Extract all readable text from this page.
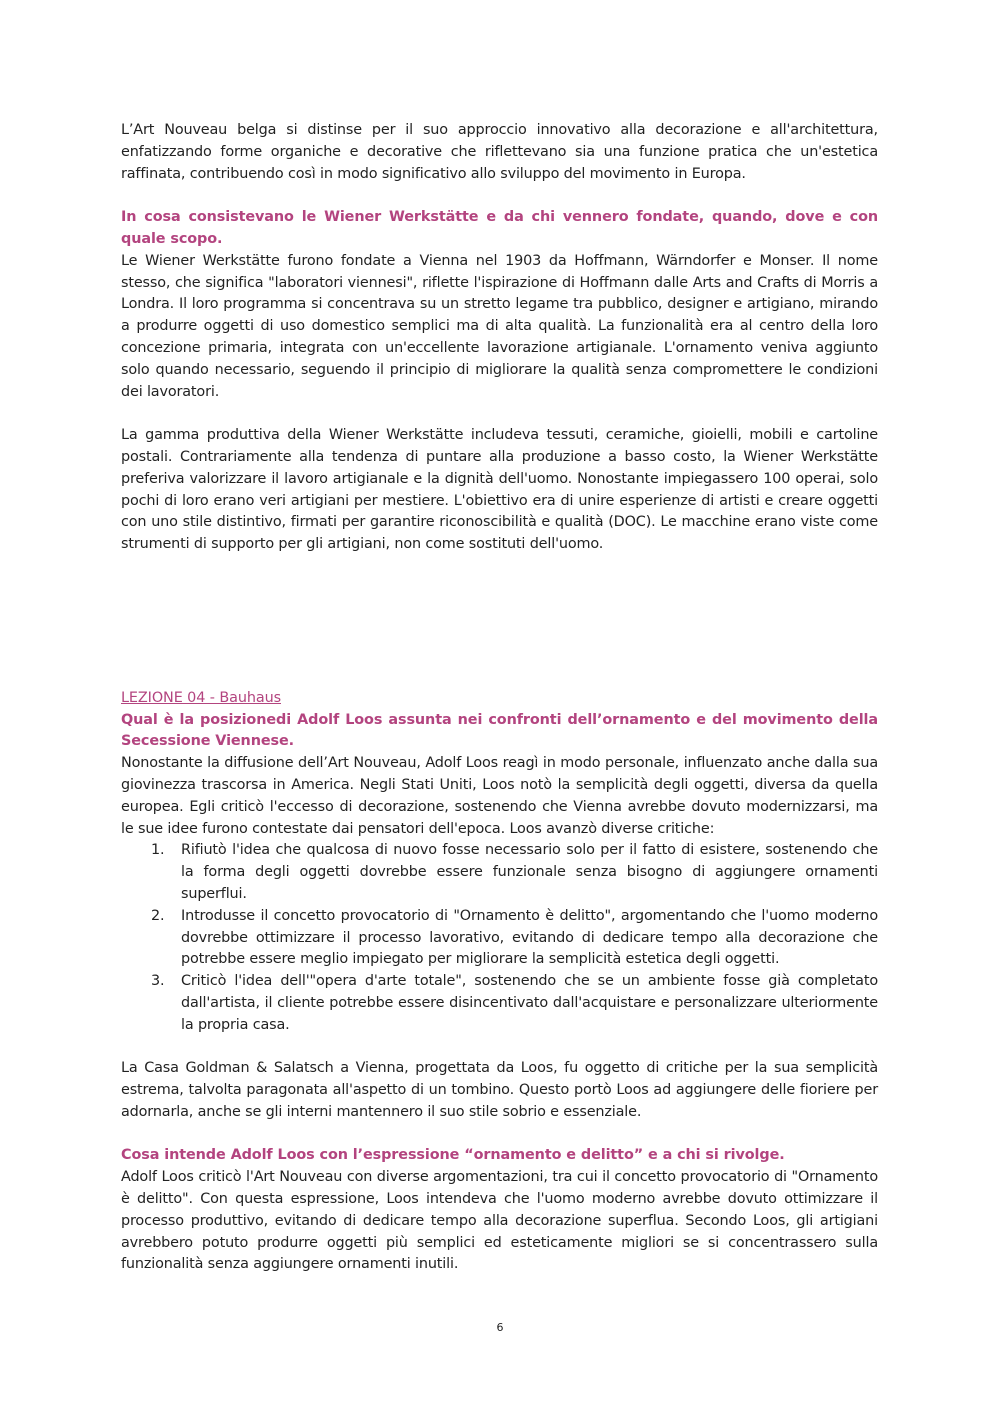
L’Art Nouveau belga si distinse per il suo approccio innovativo alla decorazione e all'architettura, enfatizzando forme organiche e decorative che riflettevano sia una funzione pratica che un'estetica raffinata, contribuendo così in modo significativo allo sviluppo del movimento in Europa.

In cosa consistevano le Wiener Werkstätte e da chi vennero fondate, quando, dove e con quale scopo.

Le Wiener Werkstätte furono fondate a Vienna nel 1903 da Hoffmann, Wärndorfer e Monser. Il nome stesso, che significa "laboratori viennesi", riflette l'ispirazione di Hoffmann dalle Arts and Crafts di Morris a Londra. Il loro programma si concentrava su un stretto legame tra pubblico, designer e artigiano, mirando a produrre oggetti di uso domestico semplici ma di alta qualità. La funzionalità era al centro della loro concezione primaria, integrata con un'eccellente lavorazione artigianale. L'ornamento veniva aggiunto solo quando necessario, seguendo il principio di migliorare la qualità senza compromettere le condizioni dei lavoratori.

La gamma produttiva della Wiener Werkstätte includeva tessuti, ceramiche, gioielli, mobili e cartoline postali. Contrariamente alla tendenza di puntare alla produzione a basso costo, la Wiener Werkstätte preferiva valorizzare il lavoro artigianale e la dignità dell'uomo. Nonostante impiegassero 100 operai, solo pochi di loro erano veri artigiani per mestiere. L'obiettivo era di unire esperienze di artisti e creare oggetti con uno stile distintivo, firmati per garantire riconoscibilità e qualità (DOC). Le macchine erano viste come strumenti di supporto per gli artigiani, non come sostituti dell'uomo.

LEZIONE 04 - Bauhaus
Qual è la posizionedi Adolf Loos assunta nei confronti dell’ornamento e del movimento della Secessione Viennese.

Nonostante la diffusione dell’Art Nouveau, Adolf Loos reagì in modo personale, influenzato anche dalla sua giovinezza trascorsa in America. Negli Stati Uniti, Loos notò la semplicità degli oggetti, diversa da quella europea. Egli criticò l'eccesso di decorazione, sostenendo che Vienna avrebbe dovuto modernizzarsi, ma le sue idee furono contestate dai pensatori dell'epoca. Loos avanzò diverse critiche:

1. Rifiutò l'idea che qualcosa di nuovo fosse necessario solo per il fatto di esistere, sostenendo che la forma degli oggetti dovrebbe essere funzionale senza bisogno di aggiungere ornamenti superflui.
2. Introdusse il concetto provocatorio di "Ornamento è delitto", argomentando che l'uomo moderno dovrebbe ottimizzare il processo lavorativo, evitando di dedicare tempo alla decorazione che potrebbe essere meglio impiegato per migliorare la semplicità estetica degli oggetti.
3. Criticò l'idea dell'"opera d'arte totale", sostenendo che se un ambiente fosse già completato dall'artista, il cliente potrebbe essere disincentivato dall'acquistare e personalizzare ulteriormente la propria casa.

La Casa Goldman & Salatsch a Vienna, progettata da Loos, fu oggetto di critiche per la sua semplicità estrema, talvolta paragonata all'aspetto di un tombino. Questo portò Loos ad aggiungere delle fioriere per adornarla, anche se gli interni mantennero il suo stile sobrio e essenziale.

Cosa intende Adolf Loos con l’espressione “ornamento e delitto” e a chi si rivolge.

Adolf Loos criticò l'Art Nouveau con diverse argomentazioni, tra cui il concetto provocatorio di "Ornamento è delitto". Con questa espressione, Loos intendeva che l'uomo moderno avrebbe dovuto ottimizzare il processo produttivo, evitando di dedicare tempo alla decorazione superflua. Secondo Loos, gli artigiani avrebbero potuto produrre oggetti più semplici ed esteticamente migliori se si concentrassero sulla funzionalità senza aggiungere ornamenti inutili.

6
